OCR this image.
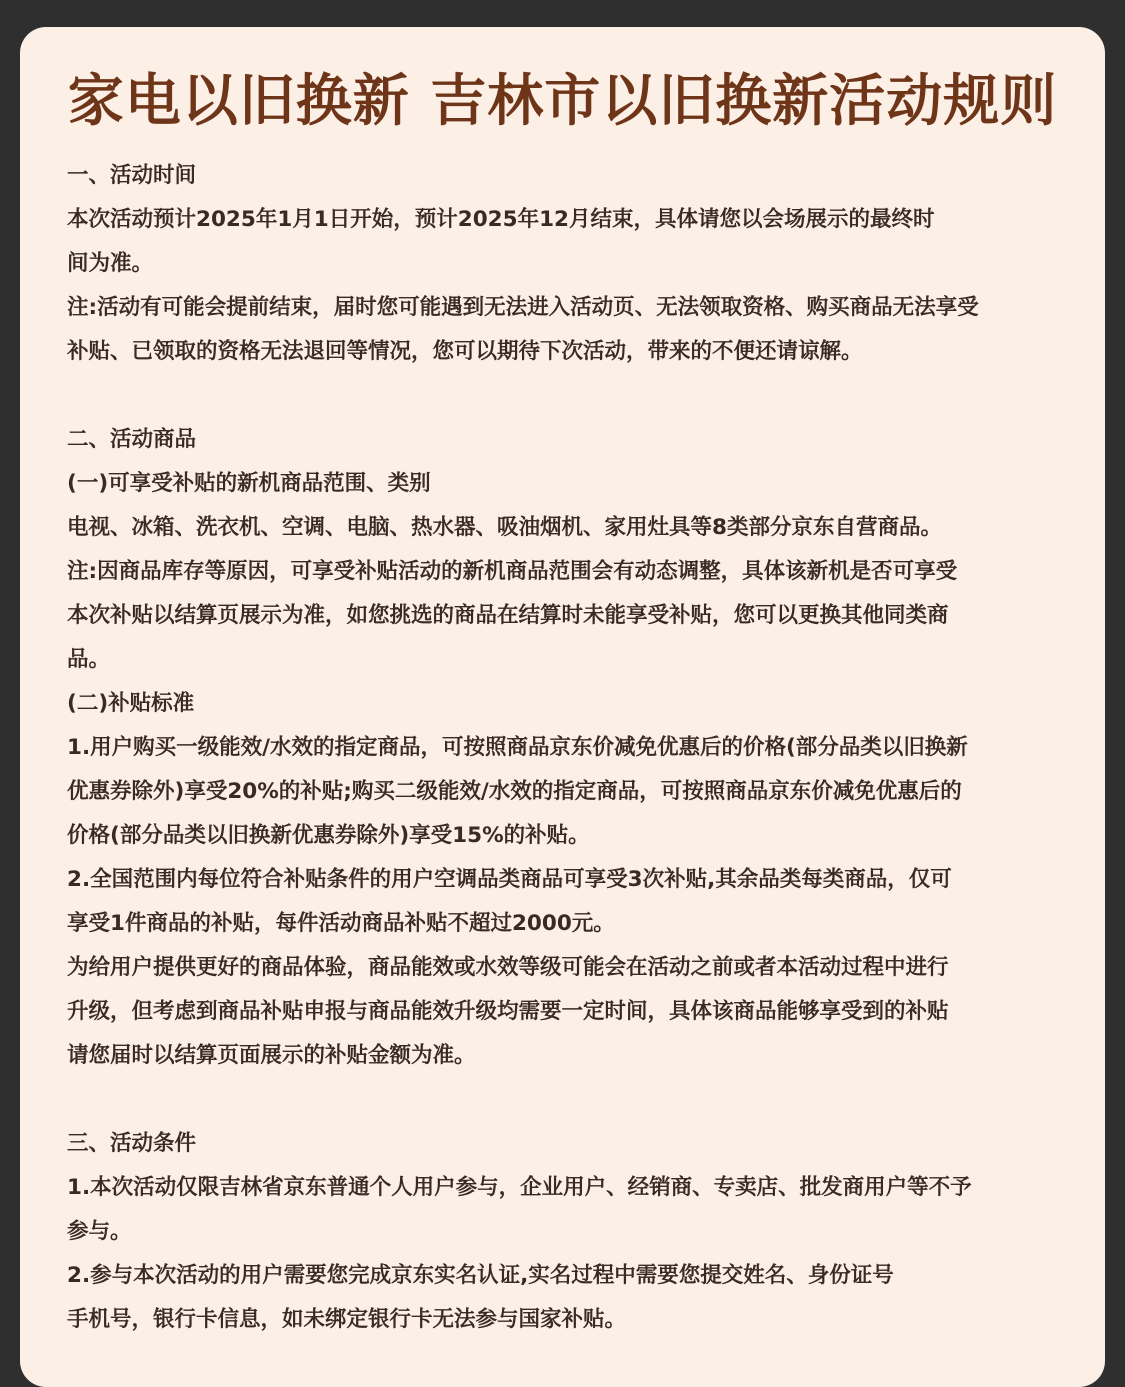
家电以旧换新 吉林市以旧换新活动规则
一、活动时间
本次活动预计2025年1月1日开始，预计2025年12月结束，具体请您以会场展示的最终时
间为准。
注:活动有可能会提前结束，届时您可能遇到无法进入活动页、无法领取资格、购买商品无法享受
补贴、已领取的资格无法退回等情况，您可以期待下次活动，带来的不便还请谅解。
二、活动商品
(一)可享受补贴的新机商品范围、类别
电视、冰箱、洗衣机、空调、电脑、热水器、吸油烟机、家用灶具等8类部分京东自营商品。
注:因商品库存等原因，可享受补贴活动的新机商品范围会有动态调整，具体该新机是否可享受
本次补贴以结算页展示为准，如您挑选的商品在结算时未能享受补贴，您可以更换其他同类商
品。
(二)补贴标准
1.用户购买一级能效/水效的指定商品，可按照商品京东价减免优惠后的价格(部分品类以旧换新
优惠券除外)享受20%的补贴;购买二级能效/水效的指定商品，可按照商品京东价减免优惠后的
价格(部分品类以旧换新优惠券除外)享受15%的补贴。
2.全国范围内每位符合补贴条件的用户空调品类商品可享受3次补贴,其余品类每类商品，仅可
享受1件商品的补贴，每件活动商品补贴不超过2000元。
为给用户提供更好的商品体验，商品能效或水效等级可能会在活动之前或者本活动过程中进行
升级，但考虑到商品补贴申报与商品能效升级均需要一定时间，具体该商品能够享受到的补贴
请您届时以结算页面展示的补贴金额为准。
三、活动条件
1.本次活动仅限吉林省京东普通个人用户参与，企业用户、经销商、专卖店、批发商用户等不予
参与。
2.参与本次活动的用户需要您完成京东实名认证,实名过程中需要您提交姓名、身份证号
手机号，银行卡信息，如未绑定银行卡无法参与国家补贴。
